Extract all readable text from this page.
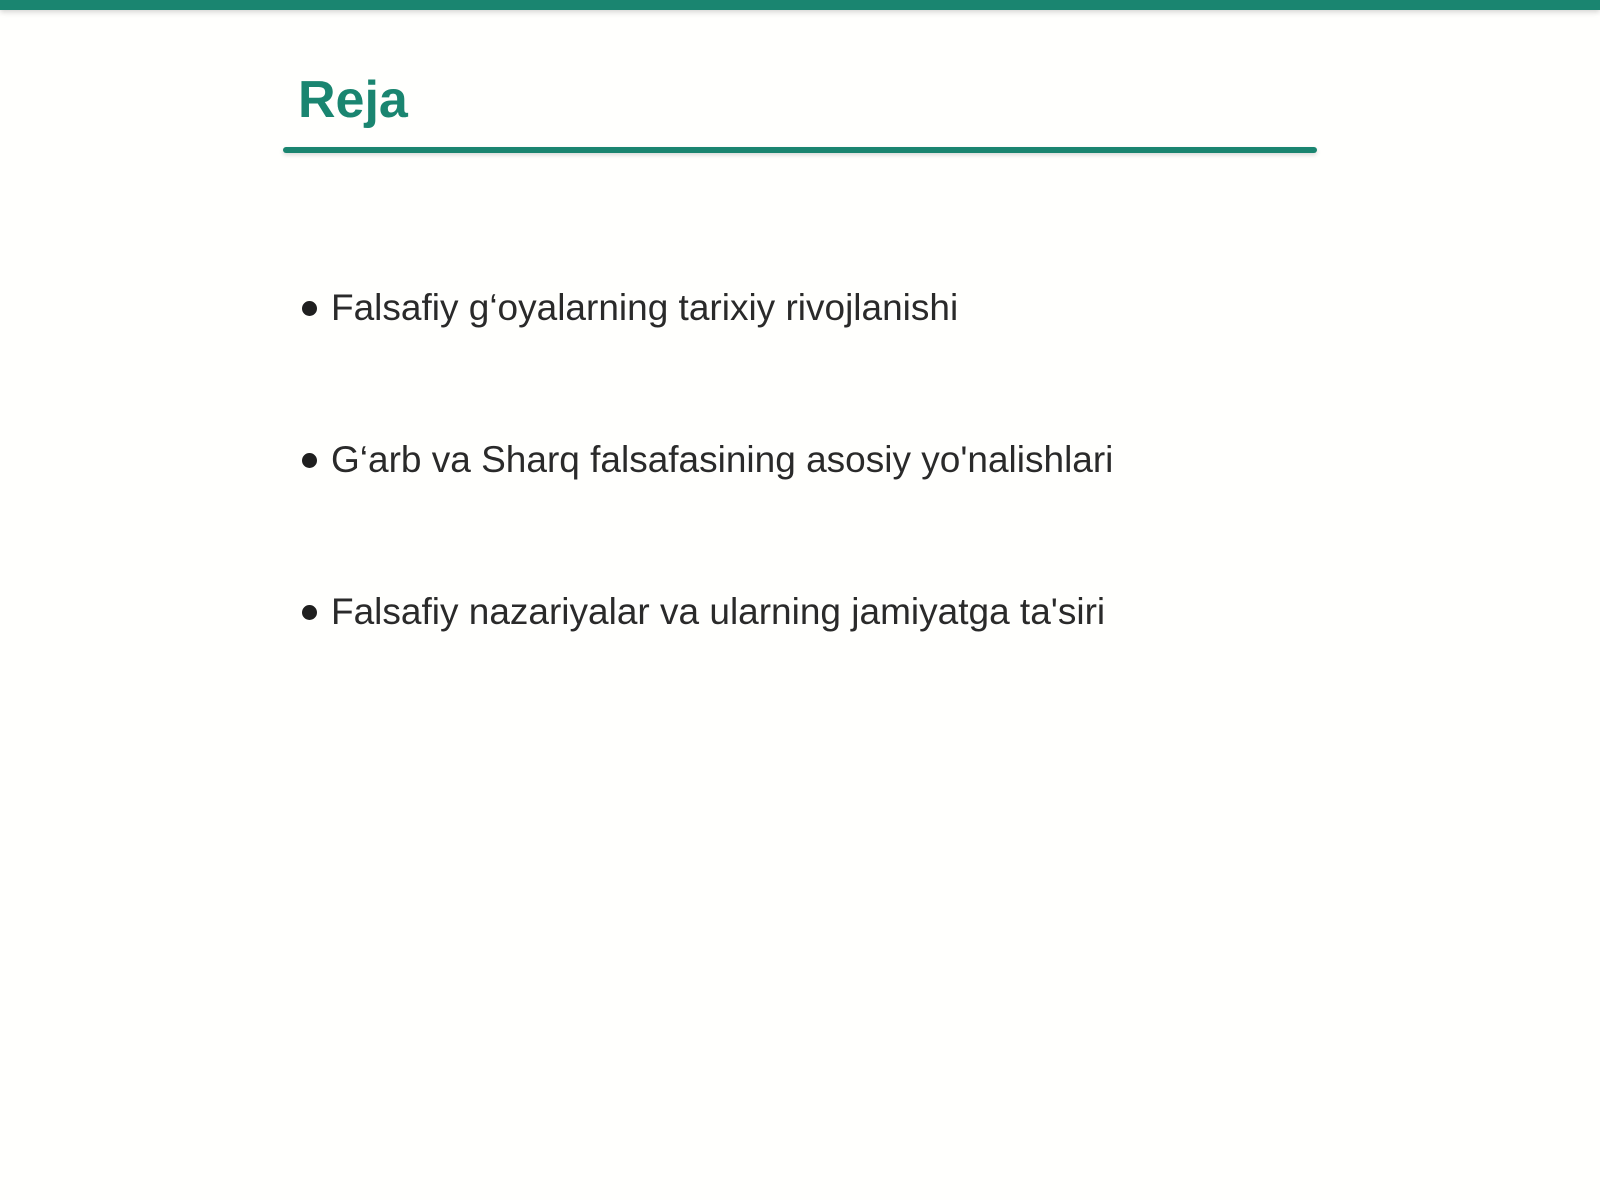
Reja
Falsafiy g‘oyalarning tarixiy rivojlanishi
G‘arb va Sharq falsafasining asosiy yo'nalishlari
Falsafiy nazariyalar va ularning jamiyatga ta'siri
